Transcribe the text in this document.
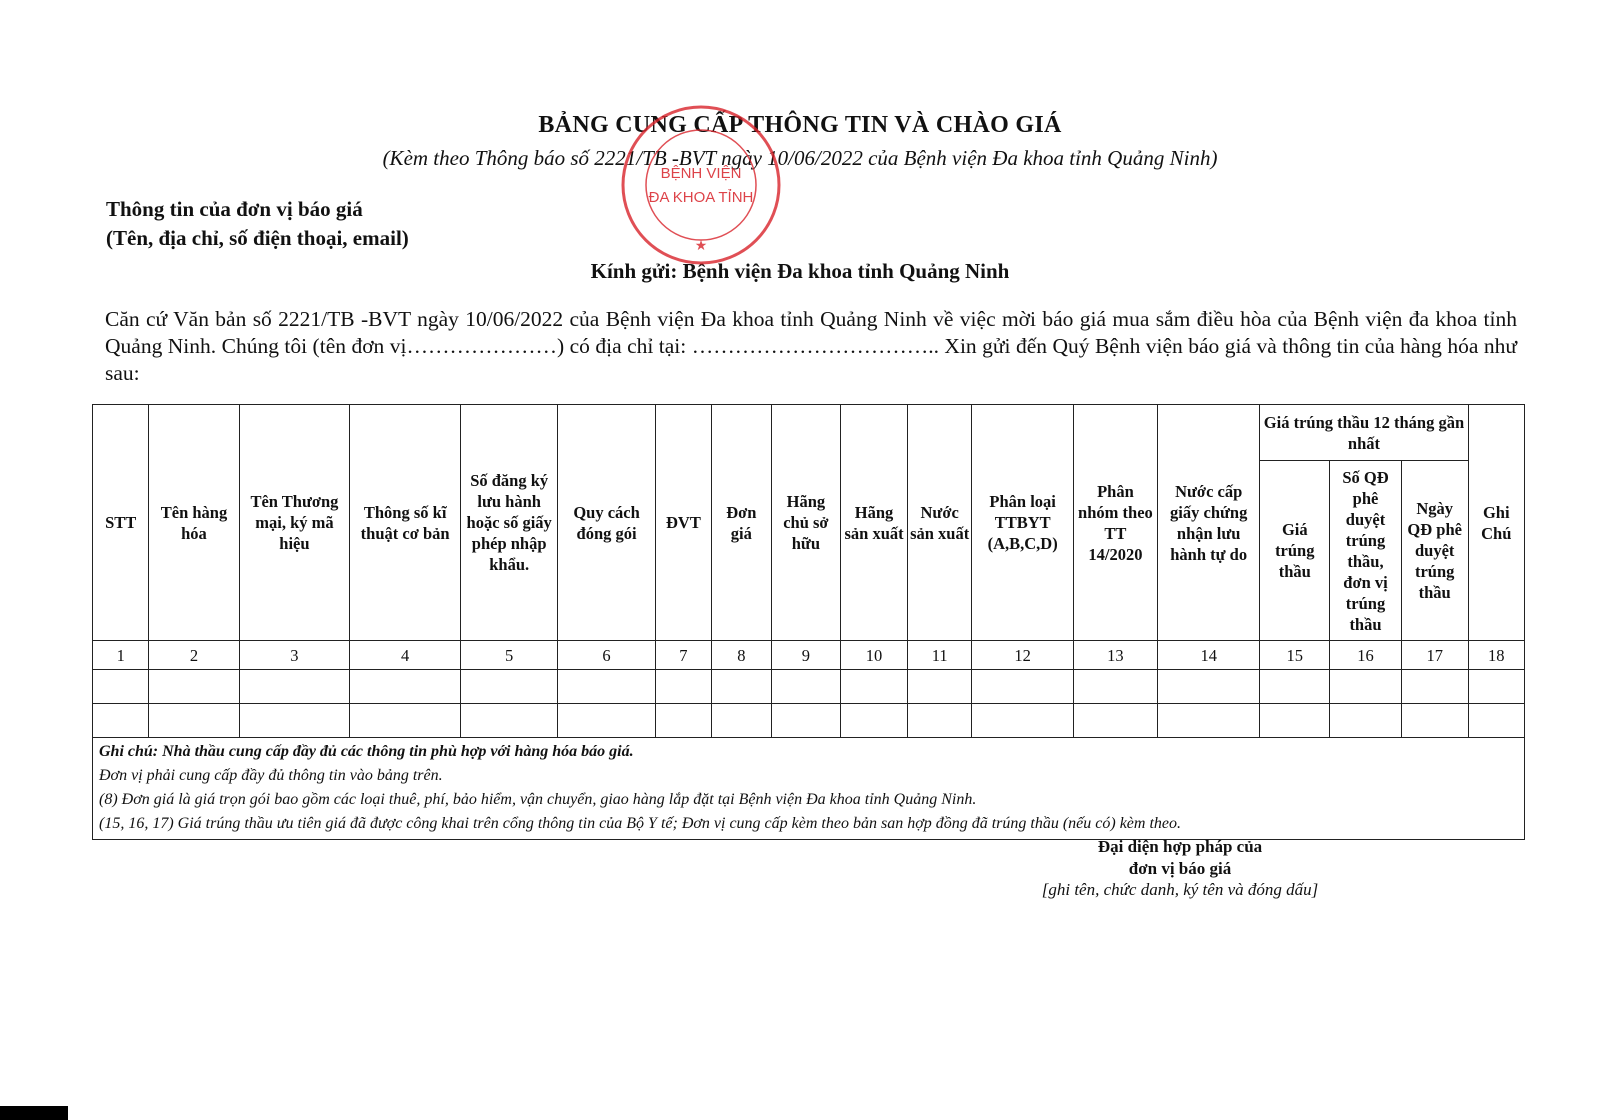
BẢNG CUNG CẤP THÔNG TIN VÀ CHÀO GIÁ
(Kèm theo Thông báo số 2221/TB -BVT ngày 10/06/2022 của Bệnh viện Đa khoa tỉnh Quảng Ninh)
Thông tin của đơn vị báo giá
(Tên, địa chỉ, số điện thoại, email)
Kính gửi: Bệnh viện Đa khoa tỉnh Quảng Ninh
Căn cứ Văn bản số 2221/TB -BVT ngày 10/06/2022 của Bệnh viện Đa khoa tỉnh Quảng Ninh về việc mời báo giá mua sắm điều hòa của Bệnh viện đa khoa tỉnh Quảng Ninh. Chúng tôi (tên đơn vị…………………) có địa chỉ tại: …………………………….. Xin gửi đến Quý Bệnh viện báo giá và thông tin của hàng hóa như sau:
STT	Tên hàng hóa	Tên Thương mại, ký mã hiệu	Thông số kĩ thuật cơ bản	Số đăng ký lưu hành hoặc số giấy phép nhập khẩu.	Quy cách đóng gói	ĐVT	Đơn giá	Hãng chủ sở hữu	Hãng sản xuất	Nước sản xuất	Phân loại TTBYT (A,B,C,D)	Phân nhóm theo TT 14/2020	Nước cấp giấy chứng nhận lưu hành tự do	Giá trúng thầu 12 tháng gần nhất			Ghi Chú
														Giá trúng thầu	Số QĐ phê duyệt trúng thầu, đơn vị trúng thầu	Ngày QĐ phê duyệt trúng thầu	
1	2	3	4	5	6	7	8	9	10	11	12	13	14	15	16	17	18

Ghi chú: Nhà thầu cung cấp đầy đủ các thông tin phù hợp với hàng hóa báo giá.
Đơn vị phải cung cấp đầy đủ thông tin vào bảng trên.
(8) Đơn giá là giá trọn gói bao gồm các loại thuê, phí, bảo hiểm, vận chuyển, giao hàng lắp đặt tại Bệnh viện Đa khoa tỉnh Quảng Ninh.
(15, 16, 17) Giá trúng thầu ưu tiên giá đã được công khai trên cổng thông tin của Bộ Y tế; Đơn vị cung cấp kèm theo bản san hợp đồng đã trúng thầu (nếu có) kèm theo.																	
Đại diện hợp pháp của
đơn vị báo giá
[ghi tên, chức danh, ký tên và đóng dấu]
BỆNH VIỆN
ĐA KHOA TỈNH
★
